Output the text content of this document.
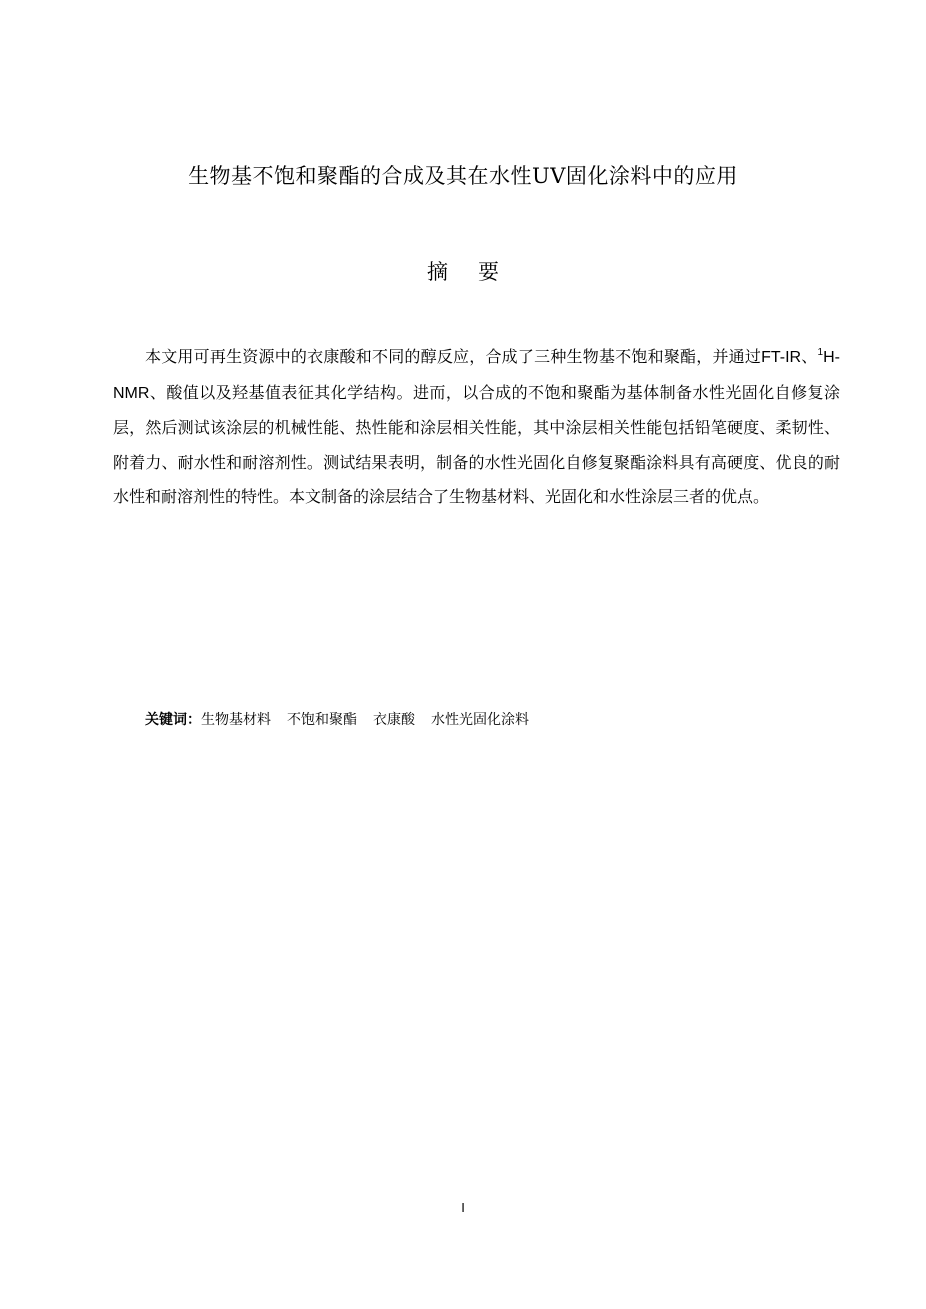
生物基不饱和聚酯的合成及其在水性UV固化涂料中的应用
摘 要

本文用可再生资源中的衣康酸和不同的醇反应，合成了三种生物基不饱和聚酯，并通过FT-IR、$^1$H-NMR、酸值以及羟基值表征其化学结构。进而，以合成的不饱和聚酯为基体制备水性光固化自修复涂层，然后测试该涂层的机械性能、热性能和涂层相关性能，其中涂层相关性能包括铅笔硬度、柔韧性、附着力、耐水性和耐溶剂性。测试结果表明，制备的水性光固化自修复聚酯涂料具有高硬度、优良的耐水性和耐溶剂性的特性。本文制备的涂层结合了生物基材料、光固化和水性涂层三者的优点。

关键词：生物基材料 不饱和聚酯 衣康酸 水性光固化涂料
I
